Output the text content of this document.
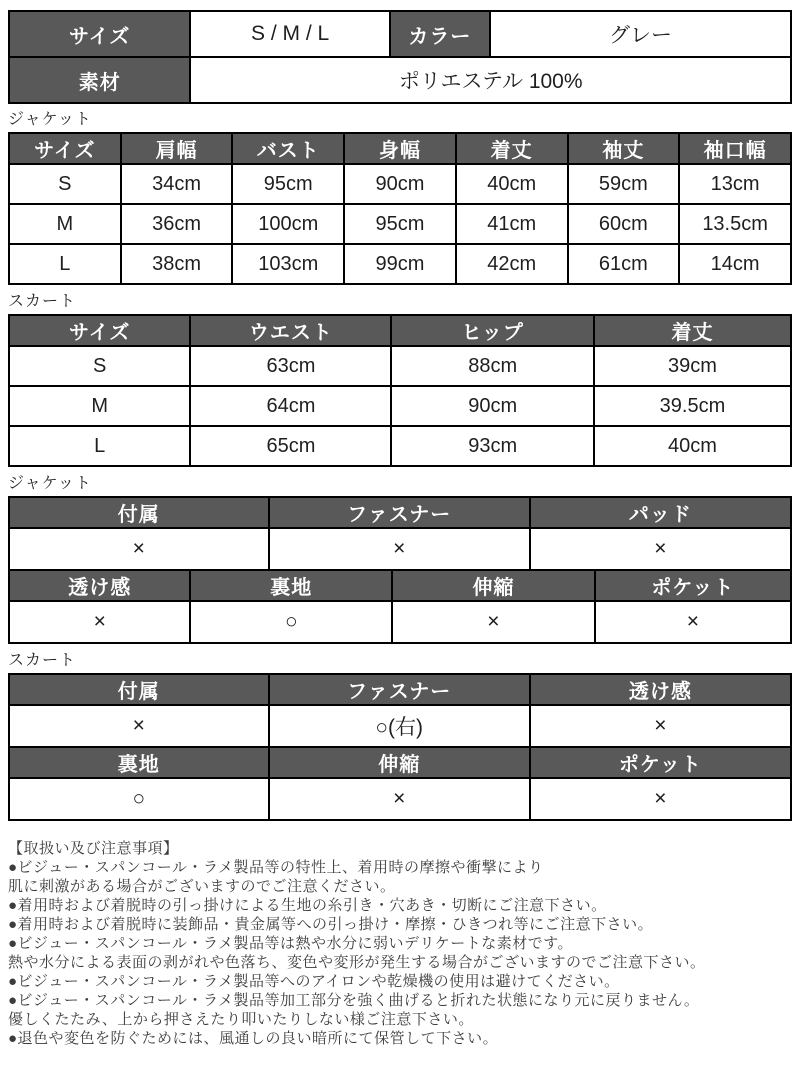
サイズ	S / M / L	カラー	グレー
素材	ポリエステル 100%		
ジャケット
サイズ	肩幅	バスト	身幅	着丈	袖丈	袖口幅
S	34cm	95cm	90cm	40cm	59cm	13cm
M	36cm	100cm	95cm	41cm	60cm	13.5cm
L	38cm	103cm	99cm	42cm	61cm	14cm
スカート
サイズ	ウエスト	ヒップ	着丈
S	63cm	88cm	39cm
M	64cm	90cm	39.5cm
L	65cm	93cm	40cm
ジャケット
付属	ファスナー	パッド
×	×	×
透け感	裏地	伸縮	ポケット
×	○	×	×
スカート
付属	ファスナー	透け感
×	○(右)	×
裏地	伸縮	ポケット
○	×	×
【取扱い及び注意事項】
●ビジュー・スパンコール・ラメ製品等の特性上、着用時の摩擦や衝撃により
肌に刺激がある場合がございますのでご注意ください。
●着用時および着脱時の引っ掛けによる生地の糸引き・穴あき・切断にご注意下さい。
●着用時および着脱時に装飾品・貴金属等への引っ掛け・摩擦・ひきつれ等にご注意下さい。
●ビジュー・スパンコール・ラメ製品等は熱や水分に弱いデリケートな素材です。
熱や水分による表面の剥がれや色落ち、変色や変形が発生する場合がございますのでご注意下さい。
●ビジュー・スパンコール・ラメ製品等へのアイロンや乾燥機の使用は避けてください。
●ビジュー・スパンコール・ラメ製品等加工部分を強く曲げると折れた状態になり元に戻りません。
優しくたたみ、上から押さえたり叩いたりしない様ご注意下さい。
●退色や変色を防ぐためには、風通しの良い暗所にて保管して下さい。
